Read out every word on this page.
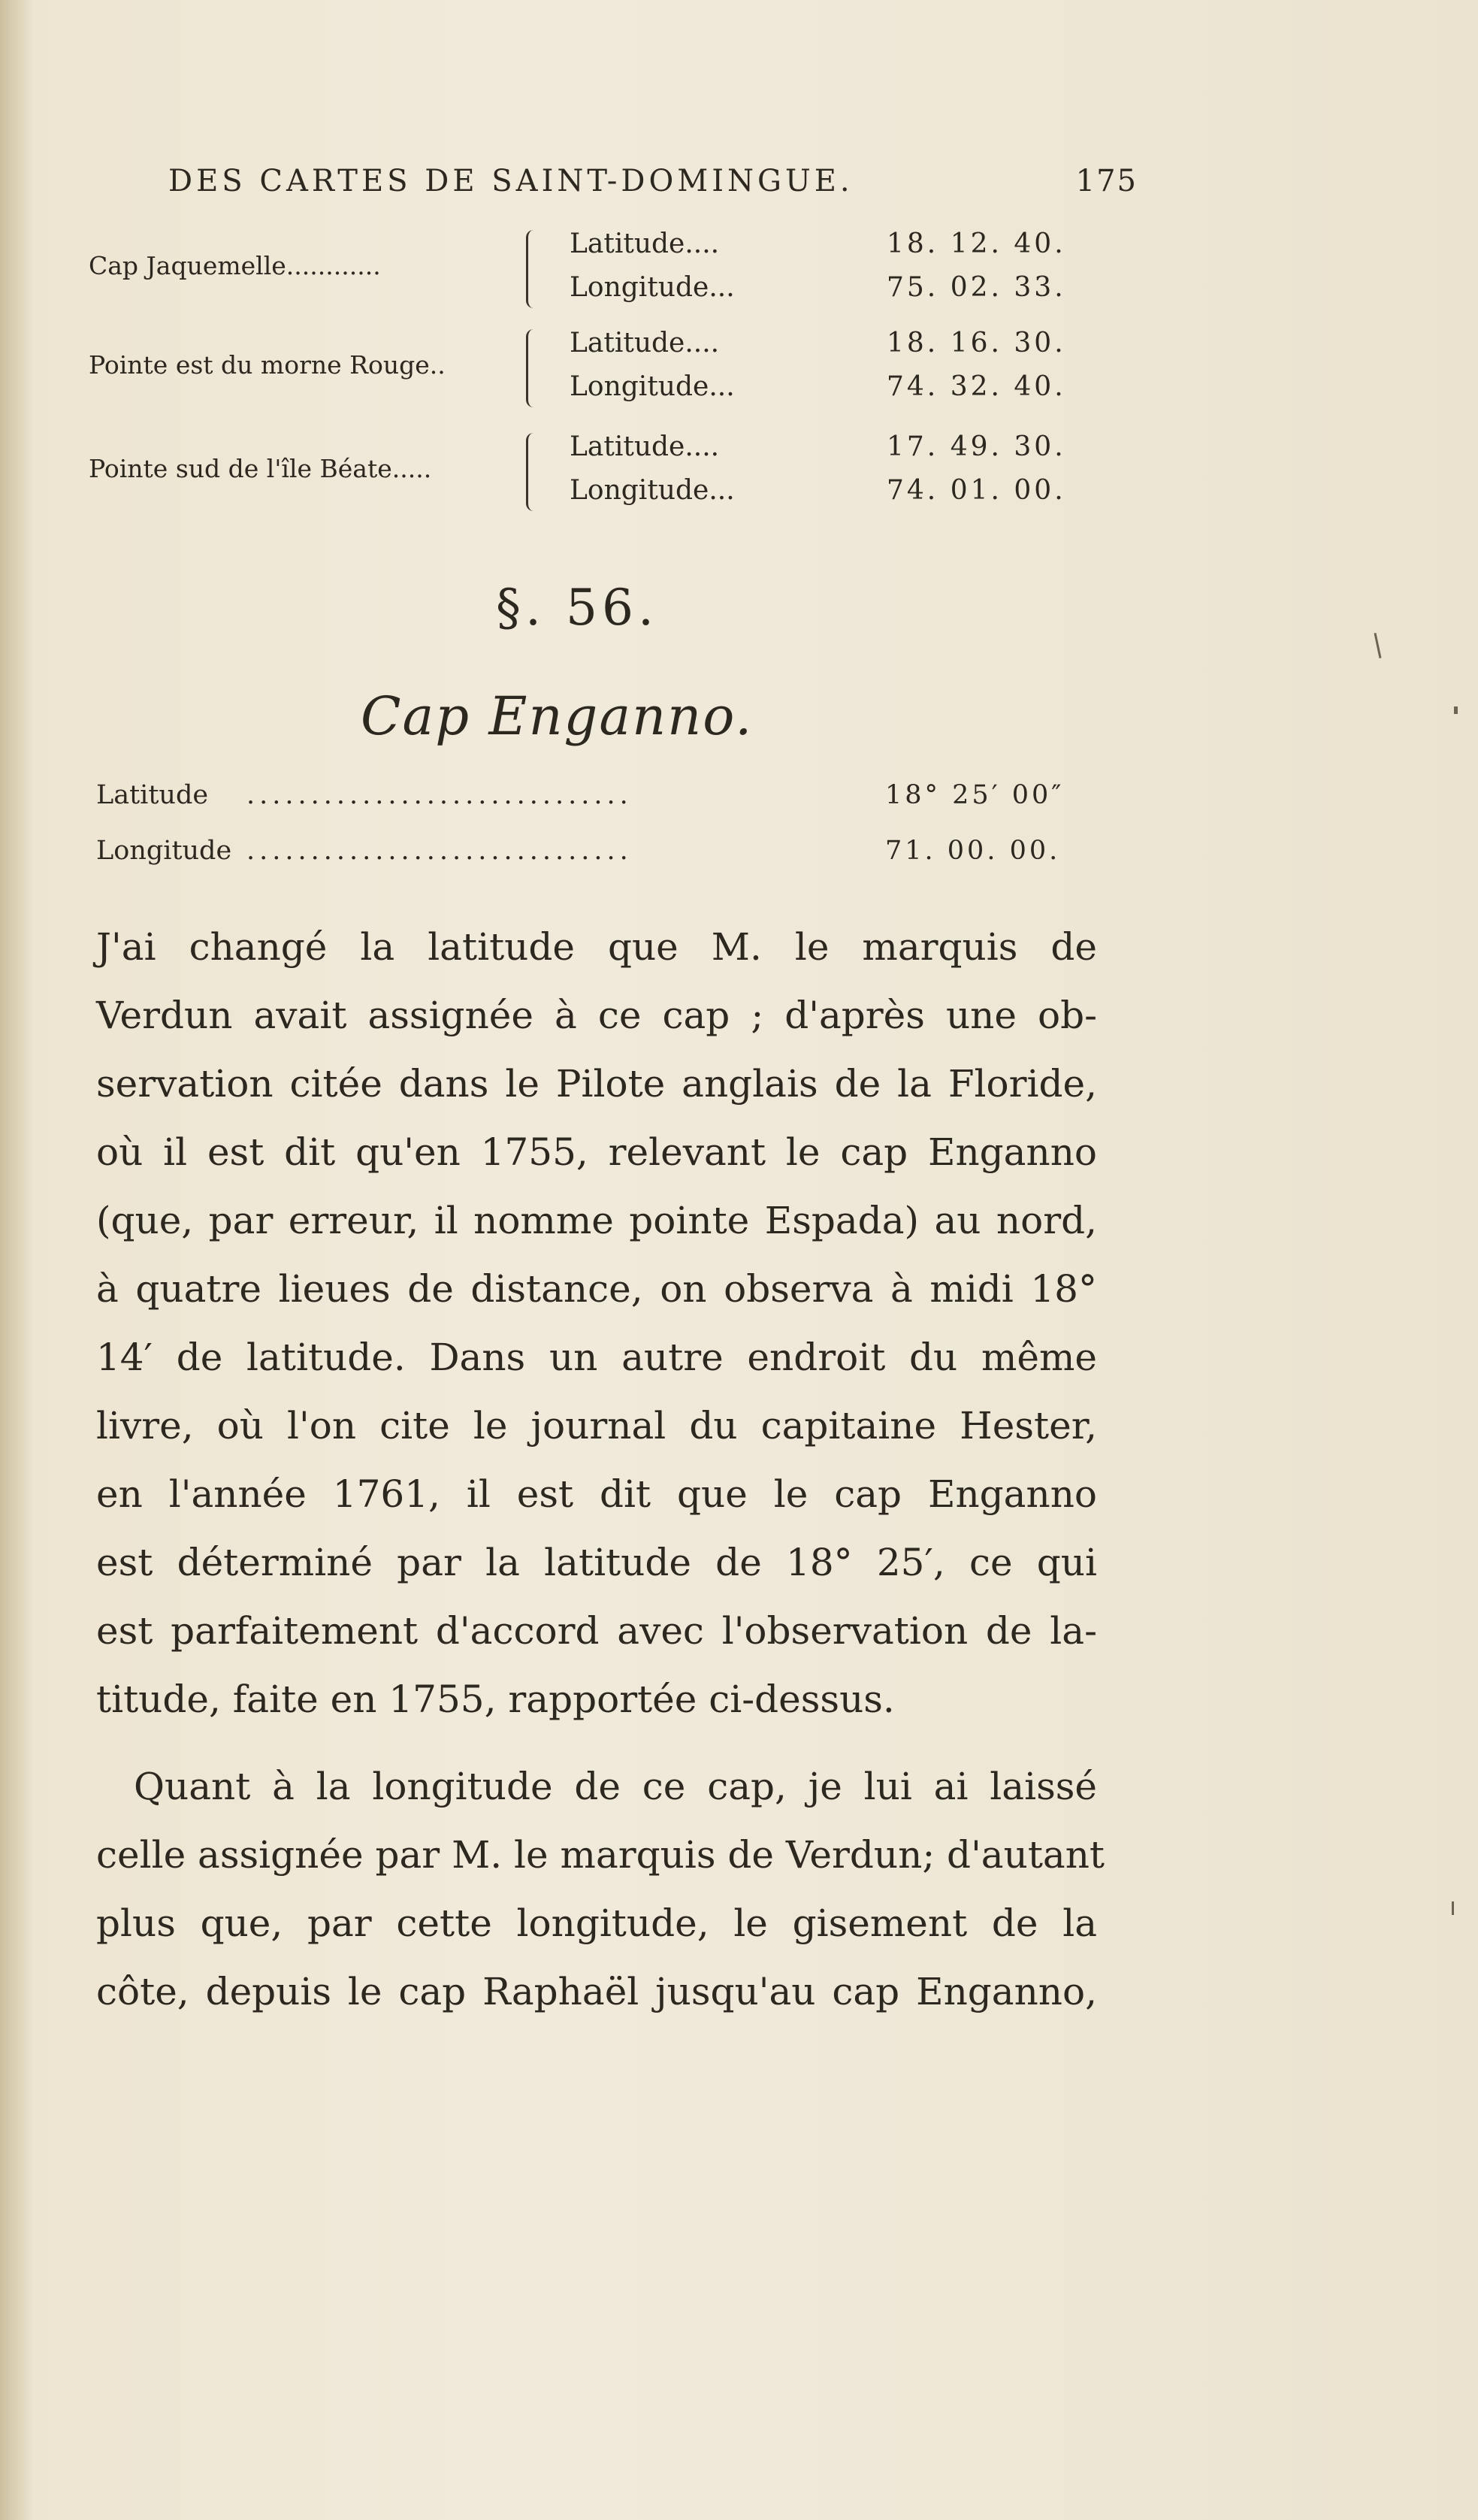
DES CARTES DE SAINT-DOMINGUE.	175
Cap Jaquemelle............
Latitude....	18. 12. 40.
Longitude...	75. 02. 33.
Pointe est du morne Rouge..
Latitude....	18. 16. 30.
Longitude...	74. 32. 40.
Pointe sud de l'île Béate.....
Latitude....	17. 49. 30.
Longitude...	74. 01. 00.
§. 56.
Cap Enganno.
..............................
Latitude	18° 25′ 00″
..............................
Longitude	71. 00. 00.
J'ai changé la latitude que M. le marquis de
Verdun avait assignée à ce cap ; d'après une ob-
servation citée dans le Pilote anglais de la Floride,
où il est dit qu'en 1755, relevant le cap Enganno
(que, par erreur, il nomme pointe Espada) au nord,
à quatre lieues de distance, on observa à midi 18°
14′ de latitude. Dans un autre endroit du même
livre, où l'on cite le journal du capitaine Hester,
en l'année 1761, il est dit que le cap Enganno
est déterminé par la latitude de 18° 25′, ce qui
est parfaitement d'accord avec l'observation de la-
titude, faite en 1755, rapportée ci-dessus.
Quant à la longitude de ce cap, je lui ai laissé
celle assignée par M. le marquis de Verdun; d'autant
plus que, par cette longitude, le gisement de la
côte, depuis le cap Raphaël jusqu'au cap Enganno,
